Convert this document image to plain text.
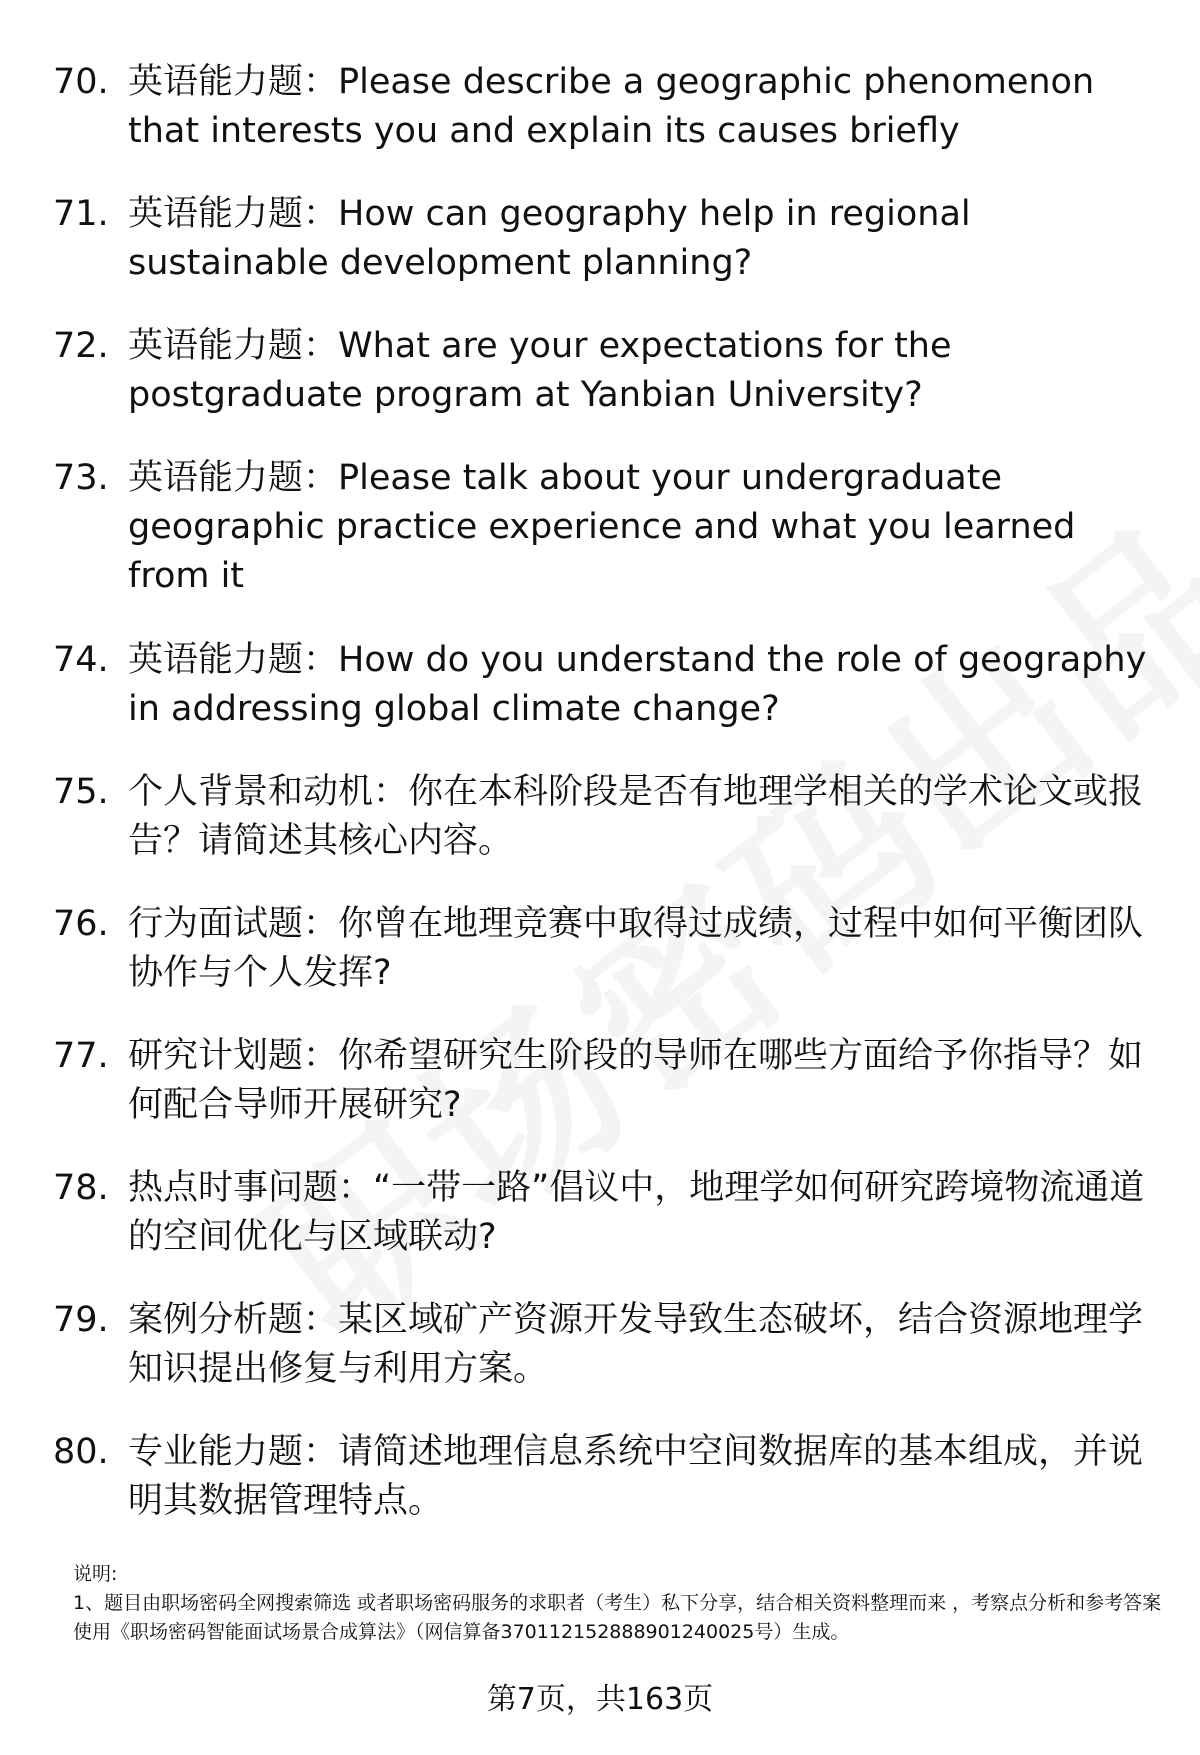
70. 英语能力题：Please describe a geographic phenomenon that interests you and explain its causes briefly
71. 英语能力题：How can geography help in regional sustainable development planning?
72. 英语能力题：What are your expectations for the postgraduate program at Yanbian University?
73. 英语能力题：Please talk about your undergraduate geographic practice experience and what you learned from it
74. 英语能力题：How do you understand the role of geography in addressing global climate change?
75. 个人背景和动机：你在本科阶段是否有地理学相关的学术论文或报告？请简述其核心内容。
76. 行为面试题：你曾在地理竞赛中取得过成绩，过程中如何平衡团队协作与个人发挥?
77. 研究计划题：你希望研究生阶段的导师在哪些方面给予你指导？如何配合导师开展研究?
78. 热点时事问题：“一带一路”倡议中，地理学如何研究跨境物流通道的空间优化与区域联动?
79. 案例分析题：某区域矿产资源开发导致生态破坏，结合资源地理学知识提出修复与利用方案。
80. 专业能力题：请简述地理信息系统中空间数据库的基本组成，并说明其数据管理特点。
说明:
1、题目由职场密码全网搜索筛选 或者职场密码服务的求职者（考生）私下分享，结合相关资料整理而来 ，考察点分析和参考答案使用《职场密码智能面试场景合成算法》（网信算备370112152888901240025号）生成。
第7页，共163页
